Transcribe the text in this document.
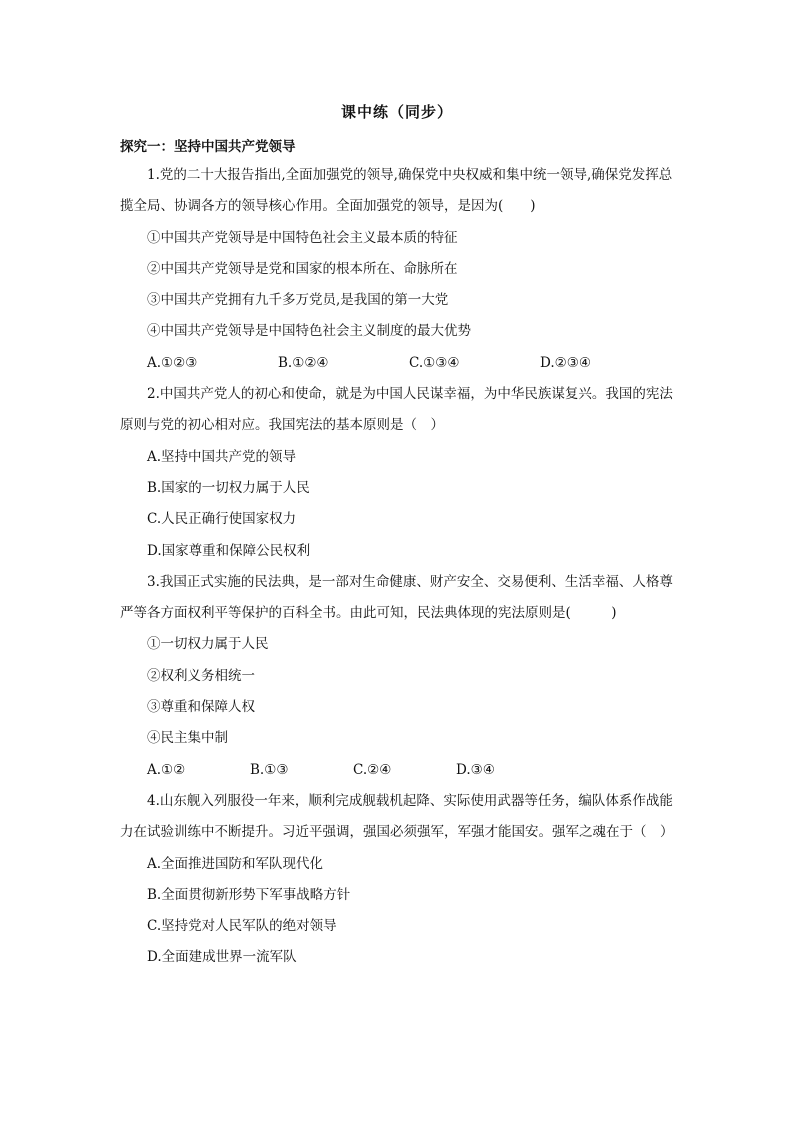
课中练（同步）
探究一：坚持中国共产党领导

1.党的二十大报告指出,全面加强党的领导,确保党中央权威和集中统一领导,确保党发挥总揽全局、协调各方的领导核心作用。全面加强党的领导，是因为(　　)

①中国共产党领导是中国特色社会主义最本质的特征

②中国共产党领导是党和国家的根本所在、命脉所在

③中国共产党拥有九千多万党员,是我国的第一大党

④中国共产党领导是中国特色社会主义制度的最大优势

A.①②③	B.①②④	C.①③④	D.②③④

2.中国共产党人的初心和使命，就是为中国人民谋幸福，为中华民族谋复兴。我国的宪法原则与党的初心相对应。我国宪法的基本原则是（　）

A.坚持中国共产党的领导

B.国家的一切权力属于人民

C.人民正确行使国家权力

D.国家尊重和保障公民权利

3.我国正式实施的民法典，是一部对生命健康、财产安全、交易便利、生活幸福、人格尊严等各方面权利平等保护的百科全书。由此可知，民法典体现的宪法原则是(　　　)

①一切权力属于人民

②权利义务相统一

③尊重和保障人权

④民主集中制

A.①②	B.①③	C.②④	D.③④

4.山东舰入列服役一年来，顺利完成舰载机起降、实际使用武器等任务，编队体系作战能力在试验训练中不断提升。习近平强调，强国必须强军，军强才能国安。强军之魂在于（　）

A.全面推进国防和军队现代化

B.全面贯彻新形势下军事战略方针

C.坚持党对人民军队的绝对领导

D.全面建成世界一流军队
